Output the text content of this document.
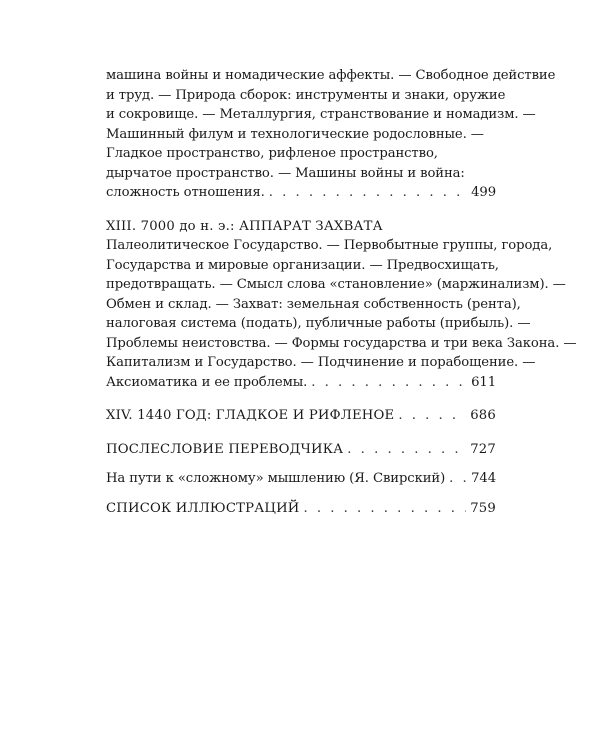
машина войны и номадические аффекты. — Свободное действие
и труд. — Природа сборок: инструменты и знаки, оружие
и сокровище. — Металлургия, странствование и номадизм. —
Машинный филум и технологические родословные. —
Гладкое пространство, рифленое пространство,
дырчатое пространство. — Машины войны и война:
сложность отношения. . . .	499
XIII. 7000 до н. э.: АППАРАТ ЗАХВАТА
Палеолитическое Государство. — Первобытные группы, города,
Государства и мировые организации. — Предвосхищать,
предотвращать. — Смысл слова «становление» (маржинализм). —
Обмен и склад. — Захват: земельная собственность (рента),
налоговая система (подать), публичные работы (прибыль). —
Проблемы неистовства. — Формы государства и три века Закона. —
Капитализм и Государство. — Подчинение и порабощение. —
Аксиоматика и ее проблемы. . . .	611
XIV. 1440 ГОД: ГЛАДКОЕ И РИФЛЕНОЕ . . .	686
ПОСЛЕСЛОВИЕ ПЕРЕВОДЧИКА . . .	727
На пути к «сложному» мышлению (Я. Свирский) . . . 744
СПИСОК ИЛЛЮСТРАЦИЙ . . .	759
